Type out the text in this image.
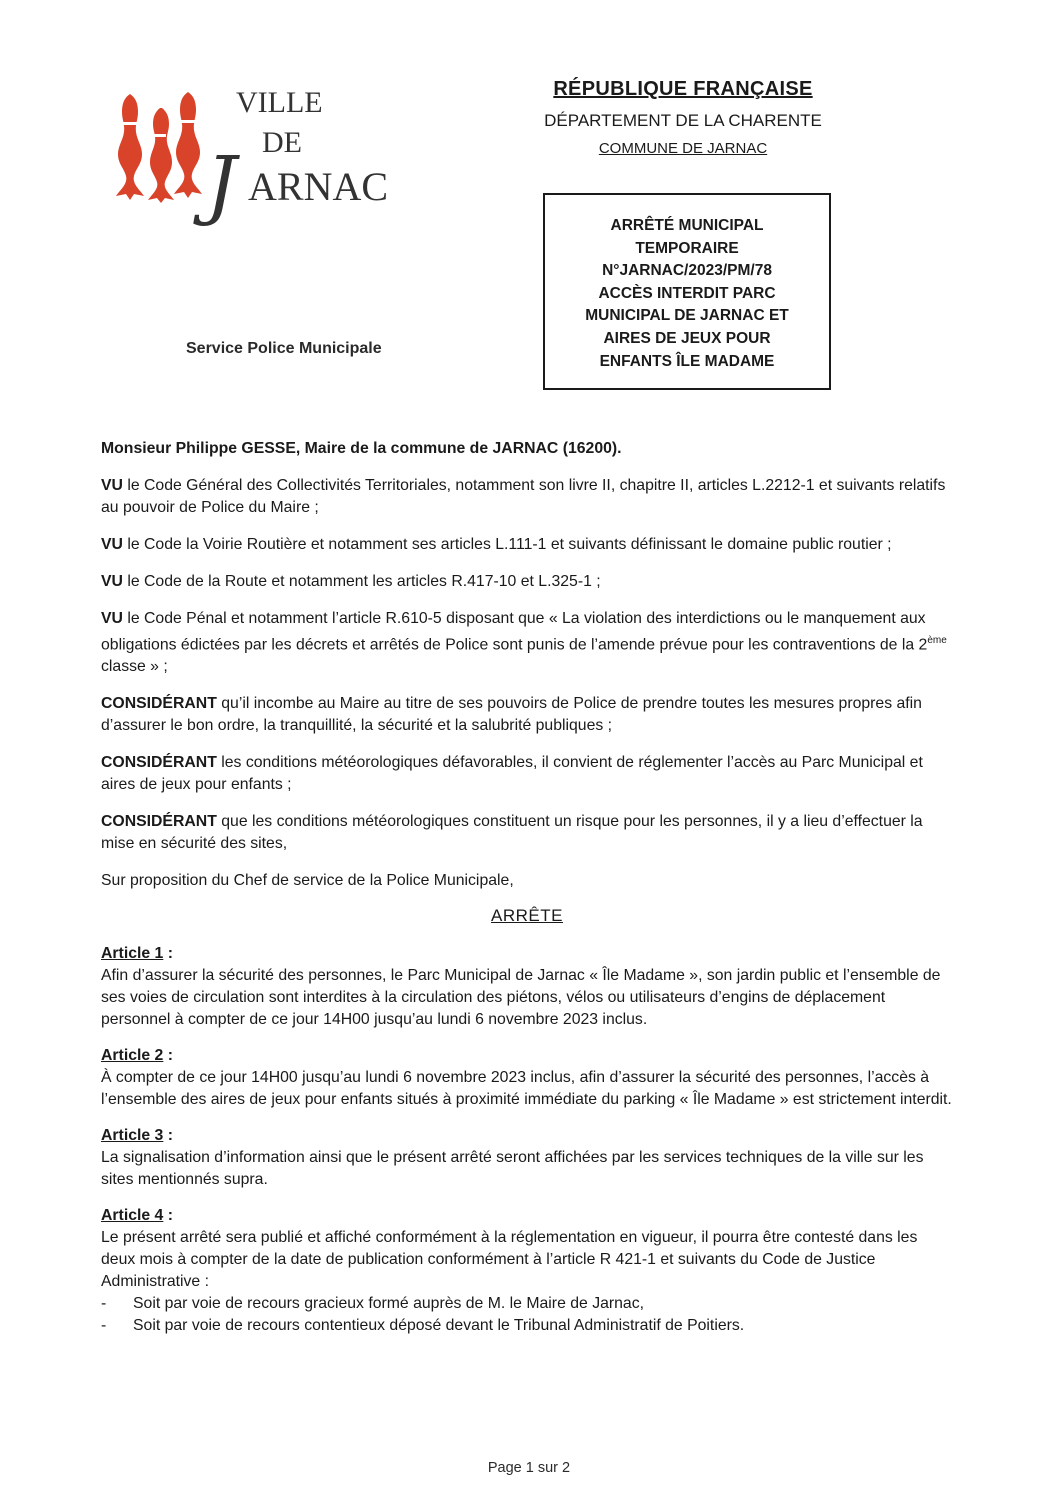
VILLE
DE
J ARNAC
Service Police Municipale
RÉPUBLIQUE FRANÇAISE
DÉPARTEMENT DE LA CHARENTE
COMMUNE DE JARNAC
ARRÊTÉ MUNICIPAL
TEMPORAIRE
N°JARNAC/2023/PM/78
ACCÈS INTERDIT PARC
MUNICIPAL DE JARNAC ET
AIRES DE JEUX POUR
ENFANTS ÎLE MADAME

Monsieur Philippe GESSE, Maire de la commune de JARNAC (16200).

VU le Code Général des Collectivités Territoriales, notamment son livre II, chapitre II, articles L.2212-1 et suivants relatifs au pouvoir de Police du Maire ;

VU le Code la Voirie Routière et notamment ses articles L.111-1 et suivants définissant le domaine public routier ;

VU le Code de la Route et notamment les articles R.417-10 et L.325-1 ;

VU le Code Pénal et notamment l’article R.610-5 disposant que « La violation des interdictions ou le manquement aux obligations édictées par les décrets et arrêtés de Police sont punis de l’amende prévue pour les contraventions de la 2ème classe » ;

CONSIDÉRANT qu’il incombe au Maire au titre de ses pouvoirs de Police de prendre toutes les mesures propres afin d’assurer le bon ordre, la tranquillité, la sécurité et la salubrité publiques ;

CONSIDÉRANT les conditions météorologiques défavorables, il convient de réglementer l’accès au Parc Municipal et aires de jeux pour enfants ;

CONSIDÉRANT que les conditions météorologiques constituent un risque pour les personnes, il y a lieu d’effectuer la mise en sécurité des sites,

Sur proposition du Chef de service de la Police Municipale,

ARRÊTE
Article 1 :

Afin d’assurer la sécurité des personnes, le Parc Municipal de Jarnac « Île Madame », son jardin public et l’ensemble de ses voies de circulation sont interdites à la circulation des piétons, vélos ou utilisateurs d’engins de déplacement personnel à compter de ce jour 14H00 jusqu’au lundi 6 novembre 2023 inclus.

Article 2 :

À compter de ce jour 14H00 jusqu’au lundi 6 novembre 2023 inclus, afin d’assurer la sécurité des personnes, l’accès à l’ensemble des aires de jeux pour enfants situés à proximité immédiate du parking « Île Madame » est strictement interdit.

Article 3 :

La signalisation d’information ainsi que le présent arrêté seront affichées par les services techniques de la ville sur les sites mentionnés supra.

Article 4 :

Le présent arrêté sera publié et affiché conformément à la réglementation en vigueur, il pourra être contesté dans les deux mois à compter de la date de publication conformément à l’article R 421-1 et suivants du Code de Justice Administrative :

-	Soit par voie de recours gracieux formé auprès de M. le Maire de Jarnac,
-	Soit par voie de recours contentieux déposé devant le Tribunal Administratif de Poitiers.
Page 1 sur 2
